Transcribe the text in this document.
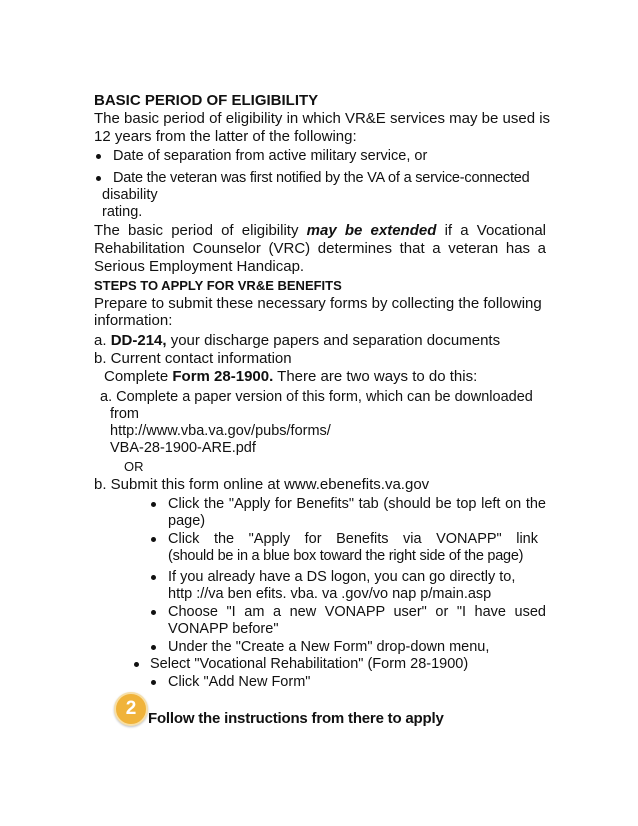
BASIC PERIOD OF ELIGIBILITY
The basic period of eligibility in which VR&E services may be used is
12 years from the latter of the following:
Date of separation from active military service, or
Date the veteran was first notified by the VA of a service-connected
disability
rating.
The basic period of eligibility may be extended if a Vocational
Rehabilitation Counselor (VRC) determines that a veteran has a
Serious Employment Handicap.
STEPS TO APPLY FOR VR&E BENEFITS
Prepare to submit these necessary forms by collecting the following
information:
a. DD-214, your discharge papers and separation documents
b. Current contact information
Complete Form 28-1900. There are two ways to do this:
a. Complete a paper version of this form, which can be downloaded
from
http://www.vba.va.gov/pubs/forms/
VBA-28-1900-ARE.pdf
OR
b. Submit this form online at www.ebenefits.va.gov
Click the "Apply for Benefits" tab (should be top left on the
page)
Click the "Apply for Benefits via VONAPP" link
(should be in a blue box toward the right side of the page)
If you already have a DS logon, you can go directly to,
http ://va ben efits. vba. va .gov/vo nap p/main.asp
Choose "I am a new VONAPP user" or "I have used
VONAPP before"
Under the "Create a New Form" drop-down menu,
Select "Vocational Rehabilitation" (Form 28-1900)
Click "Add New Form"
2 Follow the instructions from there to apply
